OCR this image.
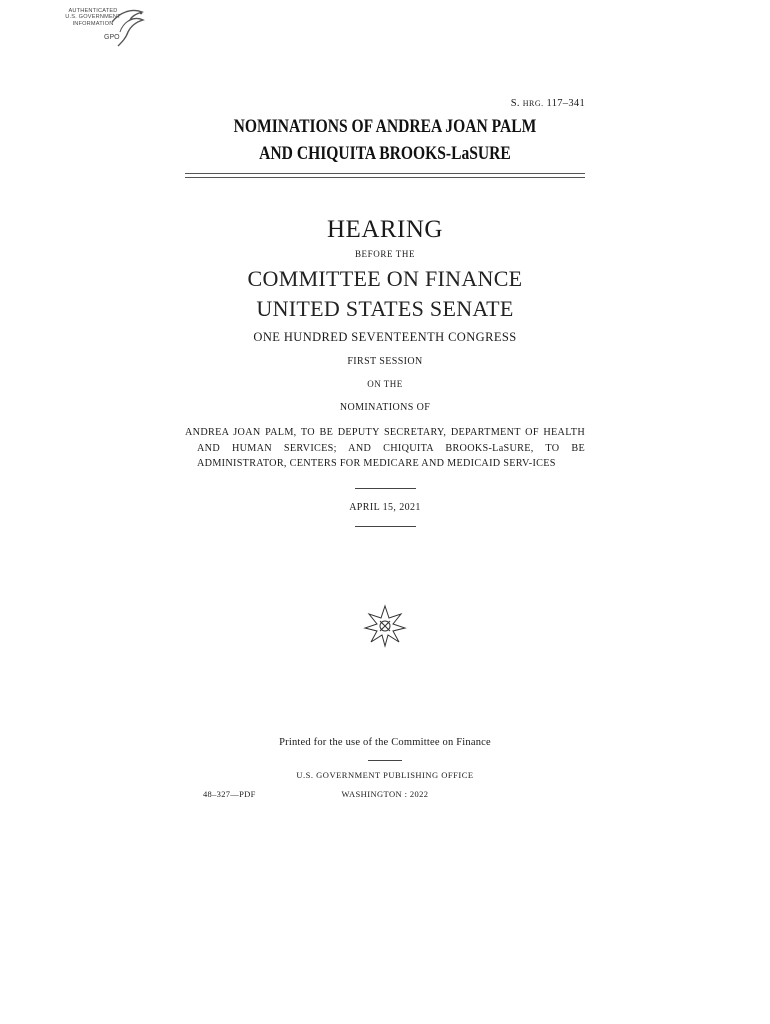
AUTHENTICATED
U.S. GOVERNMENT
INFORMATION
GPO
S. HRG. 117–341
NOMINATIONS OF ANDREA JOAN PALM
AND CHIQUITA BROOKS-LaSURE
HEARING
BEFORE THE
COMMITTEE ON FINANCE
UNITED STATES SENATE
ONE HUNDRED SEVENTEENTH CONGRESS
FIRST SESSION
ON THE
NOMINATIONS OF
ANDREA JOAN PALM, TO BE DEPUTY SECRETARY, DEPARTMENT OF HEALTH AND HUMAN SERVICES; AND CHIQUITA BROOKS-LaSURE, TO BE ADMINISTRATOR, CENTERS FOR MEDICARE AND MEDICAID SERV-ICES
APRIL 15, 2021
Printed for the use of the Committee on Finance
U.S. GOVERNMENT PUBLISHING OFFICE
48–327—PDF	WASHINGTON : 2022
